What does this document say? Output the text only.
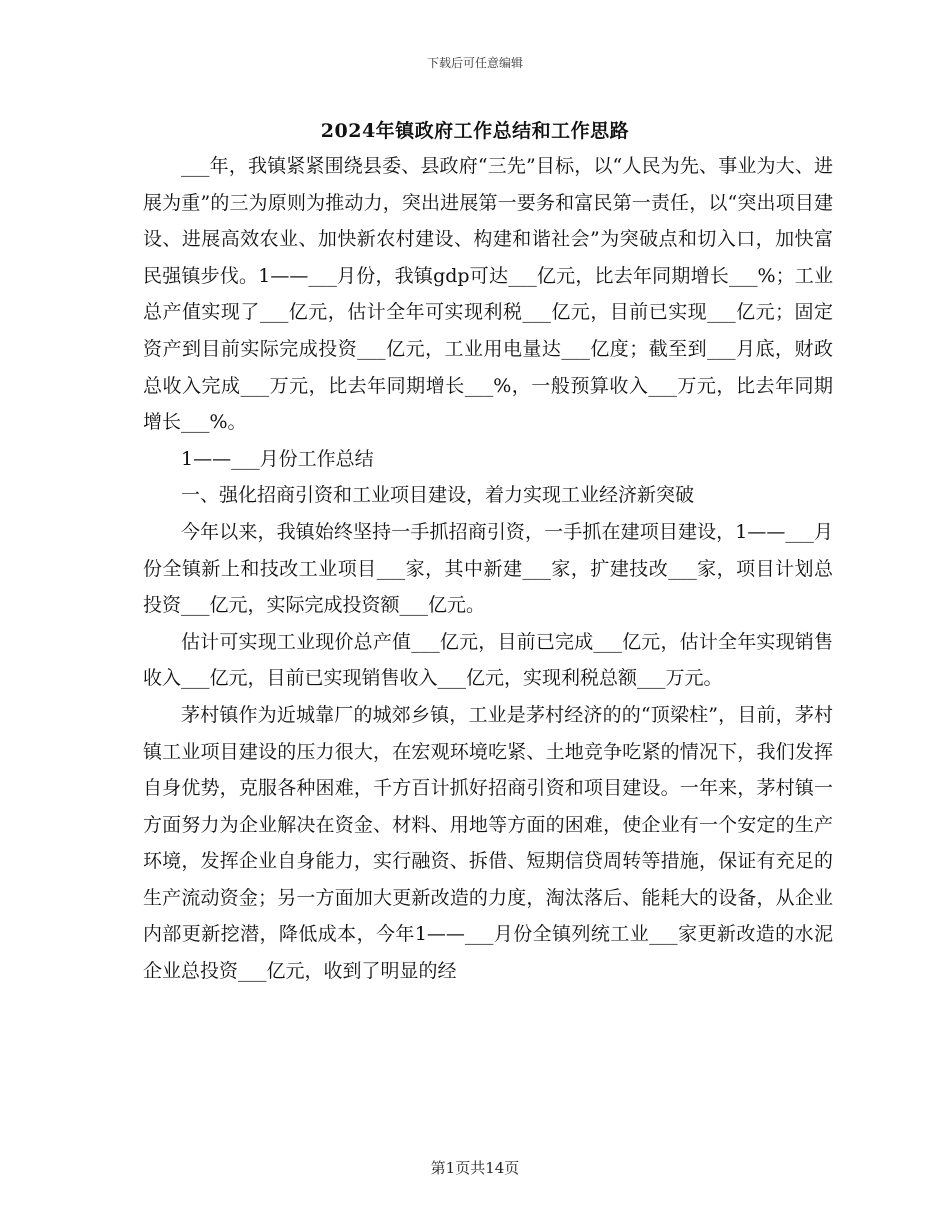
下载后可任意编辑
2024年镇政府工作总结和工作思路

___年，我镇紧紧围绕县委、县政府“三先”目标，以“人民为先、事业为大、进展为重”的三为原则为推动力，突出进展第一要务和富民第一责任，以“突出项目建设、进展高效农业、加快新农村建设、构建和谐社会”为突破点和切入口，加快富民强镇步伐。1——___月份，我镇gdp可达___亿元，比去年同期增长___%；工业总产值实现了___亿元，估计全年可实现利税___亿元，目前已实现___亿元；固定资产到目前实际完成投资___亿元，工业用电量达___亿度；截至到___月底，财政总收入完成___万元，比去年同期增长___%，一般预算收入___万元，比去年同期增长___%。

1——___月份工作总结

一、强化招商引资和工业项目建设，着力实现工业经济新突破

今年以来，我镇始终坚持一手抓招商引资，一手抓在建项目建设，1——___月份全镇新上和技改工业项目___家，其中新建___家，扩建技改___家，项目计划总投资___亿元，实际完成投资额___亿元。

估计可实现工业现价总产值___亿元，目前已完成___亿元，估计全年实现销售收入___亿元，目前已实现销售收入___亿元，实现利税总额___万元。

茅村镇作为近城靠厂的城郊乡镇，工业是茅村经济的的“顶梁柱”，目前，茅村镇工业项目建设的压力很大，在宏观环境吃紧、土地竞争吃紧的情况下，我们发挥自身优势，克服各种困难，千方百计抓好招商引资和项目建设。一年来，茅村镇一方面努力为企业解决在资金、材料、用地等方面的困难，使企业有一个安定的生产环境，发挥企业自身能力，实行融资、拆借、短期信贷周转等措施，保证有充足的生产流动资金；另一方面加大更新改造的力度，淘汰落后、能耗大的设备，从企业内部更新挖潜，降低成本，今年1——___月份全镇列统工业___家更新改造的水泥企业总投资___亿元，收到了明显的经

第1页共14页
